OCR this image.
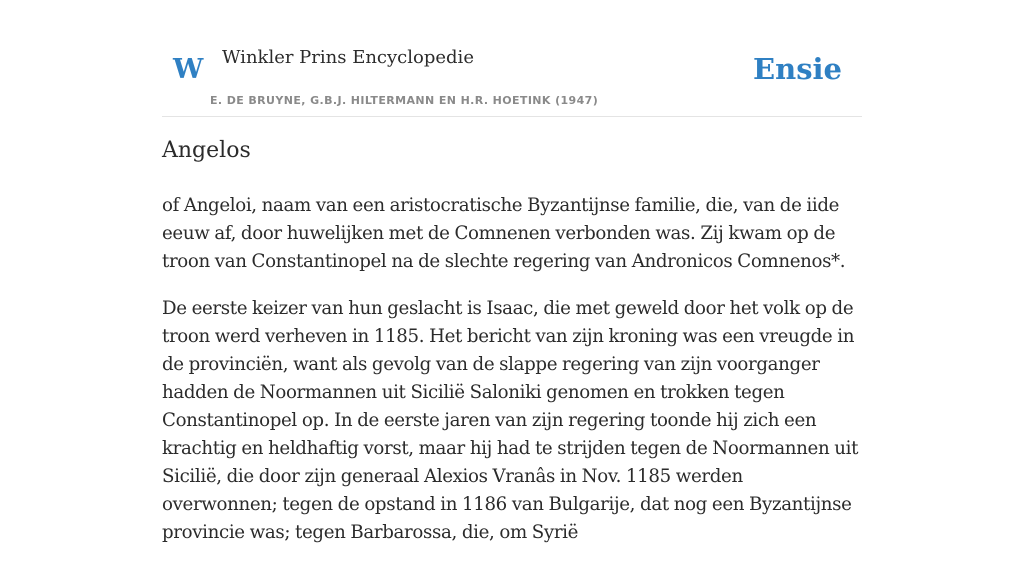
W Winkler Prins Encyclopedie
E. DE BRUYNE, G.B.J. HILTERMANN EN H.R. HOETINK (1947)
Ensie
Angelos

of Angeloi, naam van een aristocratische Byzantijnse familie, die, van de iide eeuw af, door huwelijken met de Comnenen verbonden was. Zij kwam op de troon van Constantinopel na de slechte regering van Andronicos Comnenos*.

De eerste keizer van hun geslacht is Isaac, die met geweld door het volk op de troon werd verheven in 1185. Het bericht van zijn kroning was een vreugde in de provinciën, want als gevolg van de slappe regering van zijn voorganger hadden de Noormannen uit Sicilië Saloniki genomen en trokken tegen Constantinopel op. In de eerste jaren van zijn regering toonde hij zich een krachtig en heldhaftig vorst, maar hij had te strijden tegen de Noormannen uit Sicilië, die door zijn generaal Alexios Vranâs in Nov. 1185 werden overwonnen; tegen de opstand in 1186 van Bulgarije, dat nog een Byzantijnse provincie was; tegen Barbarossa, die, om Syrië
